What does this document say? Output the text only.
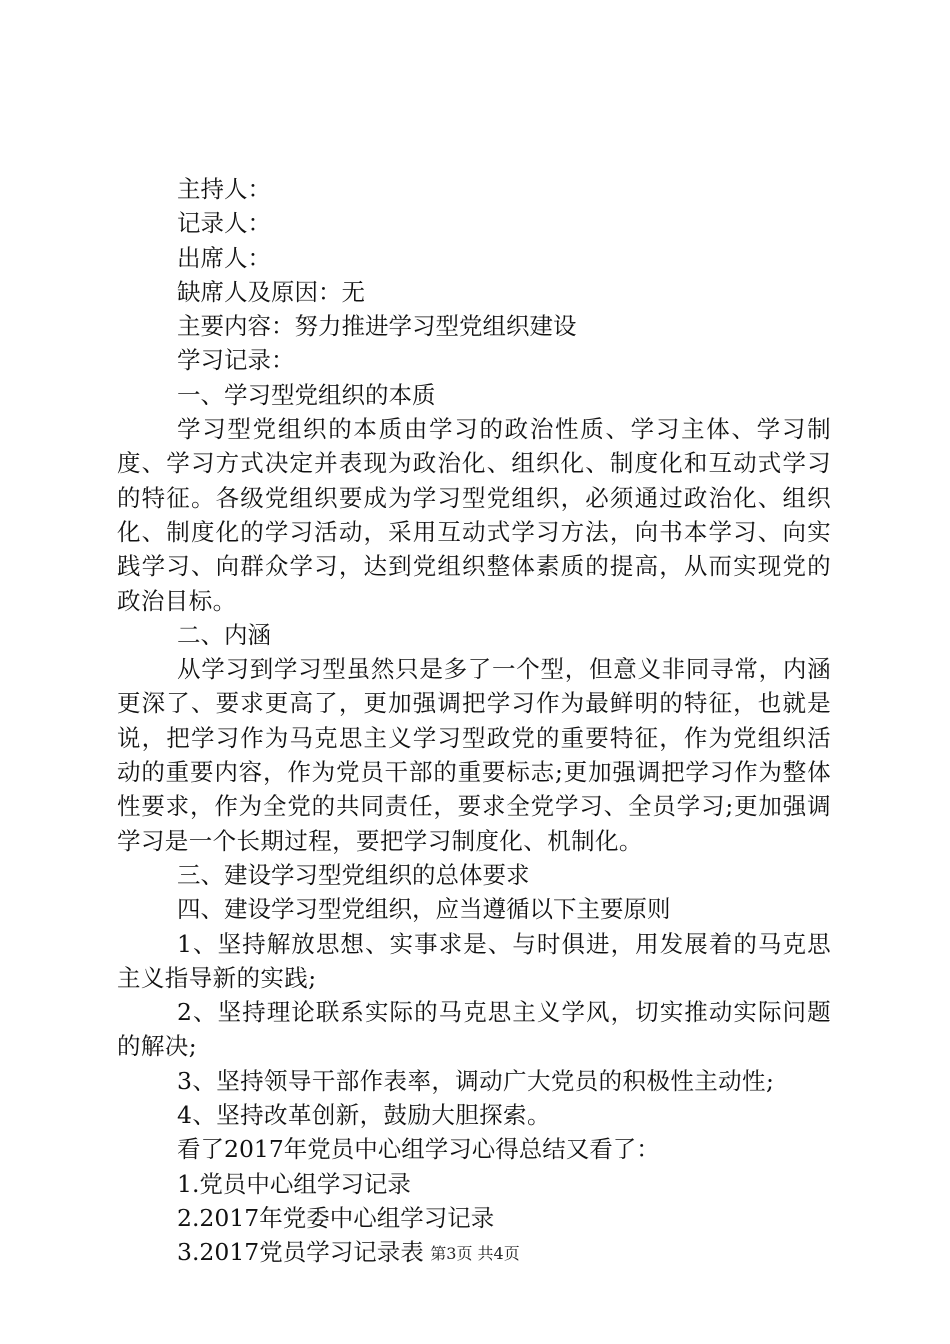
主持人：

记录人：

出席人：

缺席人及原因：无

主要内容：努力推进学习型党组织建设

学习记录：

一、学习型党组织的本质

学习型党组织的本质由学习的政治性质、学习主体、学习制度、学习方式决定并表现为政治化、组织化、制度化和互动式学习的特征。各级党组织要成为学习型党组织，必须通过政治化、组织化、制度化的学习活动，采用互动式学习方法，向书本学习、向实践学习、向群众学习，达到党组织整体素质的提高，从而实现党的政治目标。

二、内涵

从学习到学习型虽然只是多了一个型，但意义非同寻常，内涵更深了、要求更高了，更加强调把学习作为最鲜明的特征，也就是说，把学习作为马克思主义学习型政党的重要特征，作为党组织活动的重要内容，作为党员干部的重要标志;更加强调把学习作为整体性要求，作为全党的共同责任，要求全党学习、全员学习;更加强调学习是一个长期过程，要把学习制度化、机制化。

三、建设学习型党组织的总体要求

四、建设学习型党组织，应当遵循以下主要原则

1、坚持解放思想、实事求是、与时俱进，用发展着的马克思主义指导新的实践;

2、坚持理论联系实际的马克思主义学风，切实推动实际问题的解决;

3、坚持领导干部作表率，调动广大党员的积极性主动性;

4、坚持改革创新，鼓励大胆探索。

看了2017年党员中心组学习心得总结又看了：

1.党员中心组学习记录

2.2017年党委中心组学习记录

3.2017党员学习记录表 第3页 共4页
